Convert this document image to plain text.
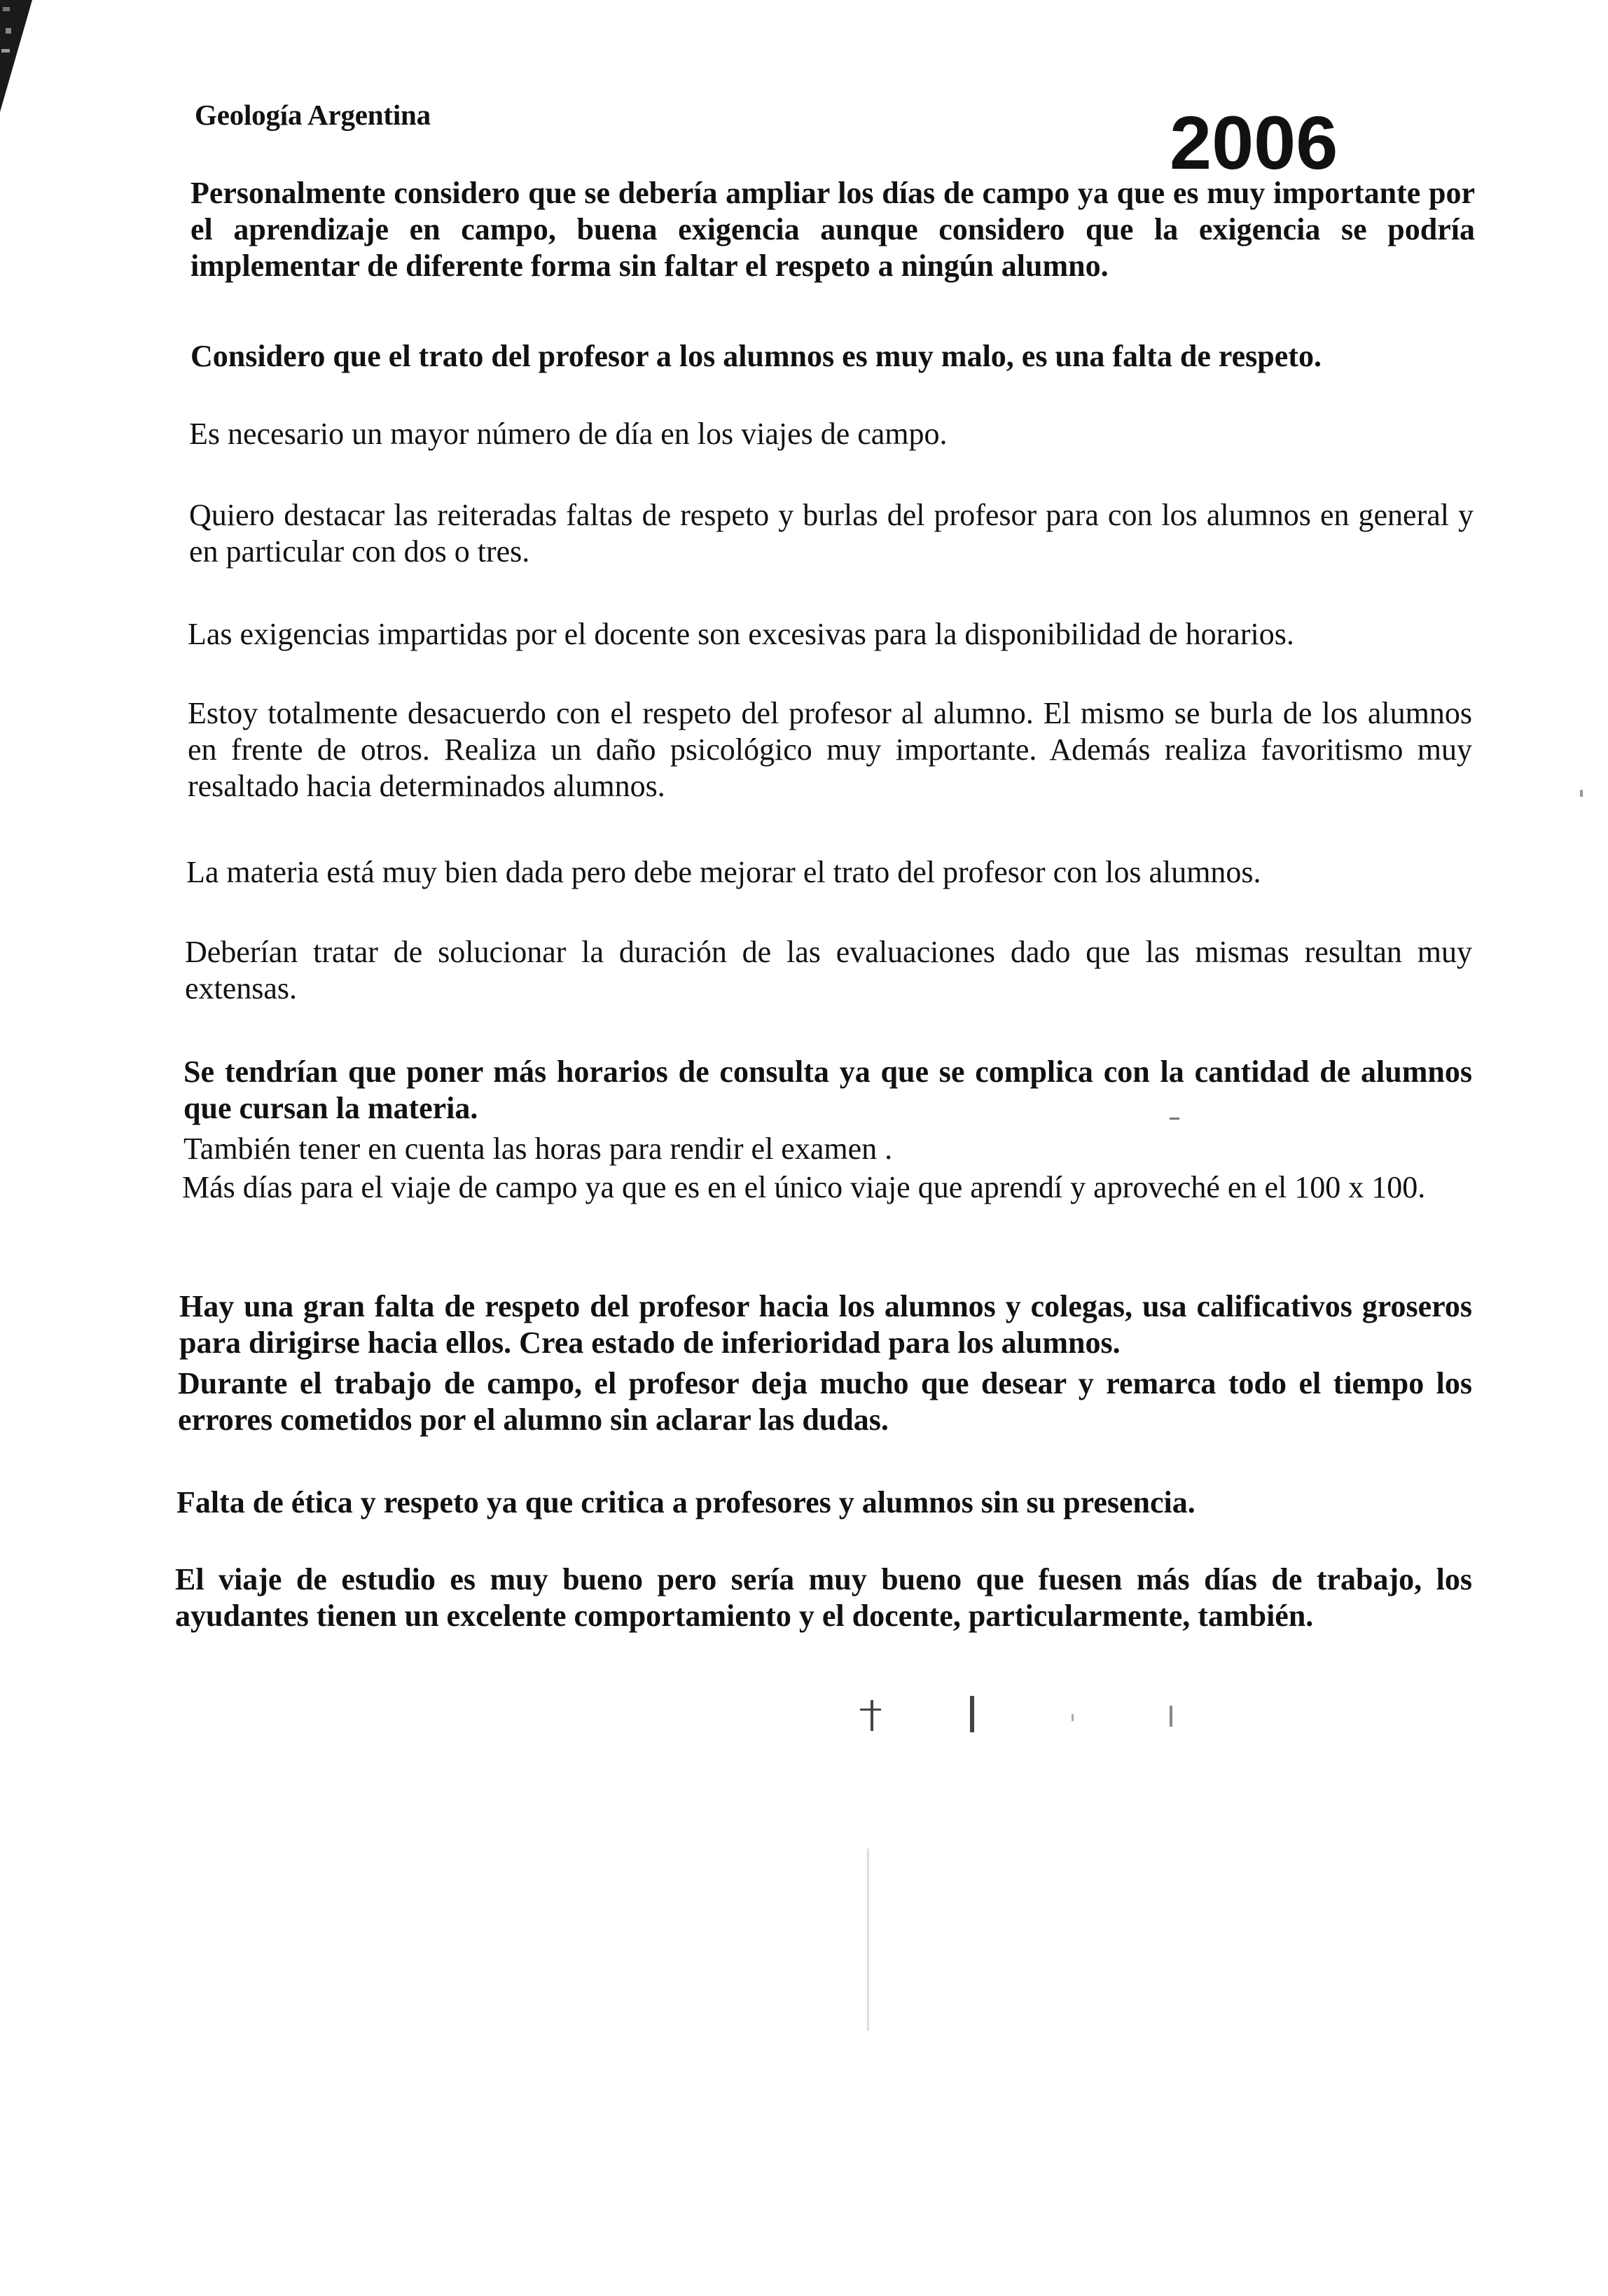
Geología Argentina	2006

Personalmente considero que se debería ampliar los días de campo ya que es muy importante por el aprendizaje en campo, buena exigencia aunque considero que la exigencia se podría implementar de diferente forma sin faltar el respeto a ningún alumno.

Considero que el trato del profesor a los alumnos es muy malo, es una falta de respeto.

Es necesario un mayor número de día en los viajes de campo.

Quiero destacar las reiteradas faltas de respeto y burlas del profesor para con los alumnos en general y en particular con dos o tres.

Las exigencias impartidas por el docente son excesivas para la disponibilidad de horarios.

Estoy totalmente desacuerdo con el respeto del profesor al alumno. El mismo se burla de los alumnos en frente de otros. Realiza un daño psicológico muy importante. Además realiza favoritismo muy resaltado hacia determinados alumnos.

La materia está muy bien dada pero debe mejorar el trato del profesor con los alumnos.

Deberían tratar de solucionar la duración de las evaluaciones dado que las mismas resultan muy extensas.

Se tendrían que poner más horarios de consulta ya que se complica con la cantidad de alumnos que cursan la materia.

También tener en cuenta las horas para rendir el examen .

Más días para el viaje de campo ya que es en el único viaje que aprendí y aproveché en el 100 x 100.

Hay una gran falta de respeto del profesor hacia los alumnos y colegas, usa calificativos groseros para dirigirse hacia ellos. Crea estado de inferioridad para los alumnos.

Durante el trabajo de campo, el profesor deja mucho que desear y remarca todo el tiempo los errores cometidos por el alumno sin aclarar las dudas.

Falta de ética y respeto ya que critica a profesores y alumnos sin su presencia.

El viaje de estudio es muy bueno pero sería muy bueno que fuesen más días de trabajo, los ayudantes tienen un excelente comportamiento y el docente, particularmente, también.
